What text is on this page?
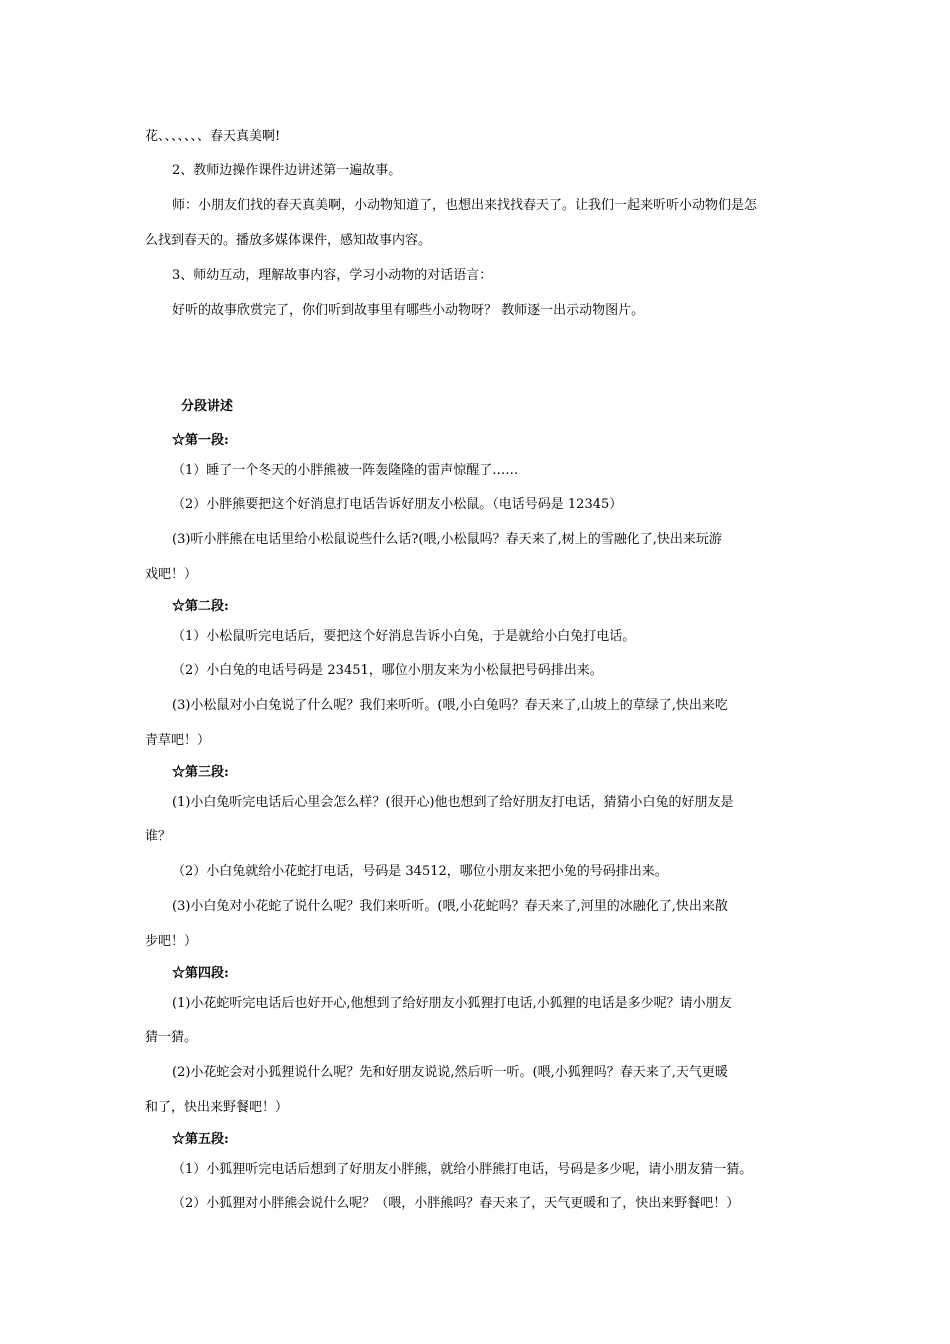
花、、、、、、、春天真美啊!
2、教师边操作课件边讲述第一遍故事。
师：小朋友们找的春天真美啊，小动物知道了，也想出来找找春天了。让我们一起来听听小动物们是怎
么找到春天的。播放多媒体课件，感知故事内容。
3、师幼互动，理解故事内容，学习小动物的对话语言：
好听的故事欣赏完了，你们听到故事里有哪些小动物呀？ 教师逐一出示动物图片。
分段讲述
☆第一段:
（1）睡了一个冬天的小胖熊被一阵轰隆隆的雷声惊醒了……
（2）小胖熊要把这个好消息打电话告诉好朋友小松鼠。（电话号码是 12345）
(3)听小胖熊在电话里给小松鼠说些什么话?(喂,小松鼠吗？春天来了,树上的雪融化了,快出来玩游
戏吧！）
☆第二段:
（1）小松鼠听完电话后，要把这个好消息告诉小白兔，于是就给小白兔打电话。
（2）小白兔的电话号码是 23451，哪位小朋友来为小松鼠把号码排出来。
(3)小松鼠对小白兔说了什么呢？我们来听听。(喂,小白兔吗？春天来了,山坡上的草绿了,快出来吃
青草吧！）
☆第三段:
(1)小白兔听完电话后心里会怎么样？(很开心)他也想到了给好朋友打电话，猜猜小白兔的好朋友是
谁？
（2）小白兔就给小花蛇打电话，号码是 34512，哪位小朋友来把小兔的号码排出来。
(3)小白兔对小花蛇了说什么呢？我们来听听。(喂,小花蛇吗？春天来了,河里的冰融化了,快出来散
步吧！）
☆第四段:
(1)小花蛇听完电话后也好开心,他想到了给好朋友小狐狸打电话,小狐狸的电话是多少呢？请小朋友
猜一猜。
(2)小花蛇会对小狐狸说什么呢？先和好朋友说说,然后听一听。(喂,小狐狸吗？春天来了,天气更暖
和了，快出来野餐吧！）
☆第五段:
（1）小狐狸听完电话后想到了好朋友小胖熊，就给小胖熊打电话，号码是多少呢，请小朋友猜一猜。
（2）小狐狸对小胖熊会说什么呢？（喂，小胖熊吗？春天来了，天气更暖和了，快出来野餐吧！）
